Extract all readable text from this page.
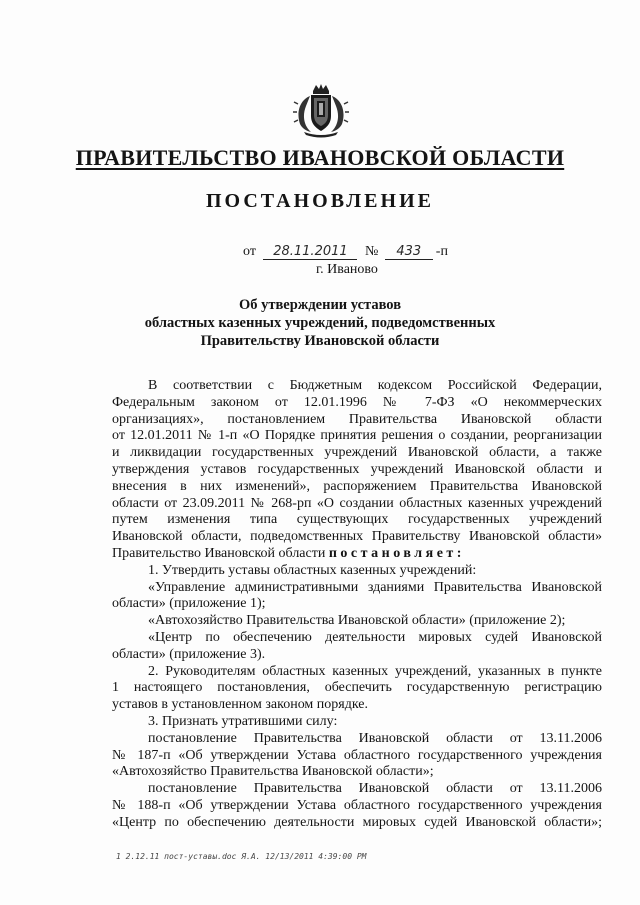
ПРАВИТЕЛЬСТВО ИВАНОВСКОЙ ОБЛАСТИ
ПОСТАНОВЛЕНИЕ
от 28.11.2011 № 433 -п
г. Иваново
Об утверждении уставов
областных казенных учреждений, подведомственных
Правительству Ивановской области
В соответствии с Бюджетным кодексом Российской Федерации,
Федеральным законом от 12.01.1996 № 7-ФЗ «О некоммерческих
организациях», постановлением Правительства Ивановской области
от 12.01.2011 № 1-п «О Порядке принятия решения о создании, реорганизации
и ликвидации государственных учреждений Ивановской области, а также
утверждения уставов государственных учреждений Ивановской области и
внесения в них изменений», распоряжением Правительства Ивановской
области от 23.09.2011 № 268-рп «О создании областных казенных учреждений
путем изменения типа существующих государственных учреждений
Ивановской области, подведомственных Правительству Ивановской области»
Правительство Ивановской области постановляет:
1. Утвердить уставы областных казенных учреждений:
«Управление административными зданиями Правительства Ивановской
области» (приложение 1);
«Автохозяйство Правительства Ивановской области» (приложение 2);
«Центр по обеспечению деятельности мировых судей Ивановской
области» (приложение 3).
2. Руководителям областных казенных учреждений, указанных в пункте
1 настоящего постановления, обеспечить государственную регистрацию
уставов в установленном законом порядке.
3. Признать утратившими силу:
постановление Правительства Ивановской области от 13.11.2006
№ 187-п «Об утверждении Устава областного государственного учреждения
«Автохозяйство Правительства Ивановской области»;
постановление Правительства Ивановской области от 13.11.2006
№ 188-п «Об утверждении Устава областного государственного учреждения
«Центр по обеспечению деятельности мировых судей Ивановской области»;
1 2.12.11 пост-уставы.doc Я.А. 12/13/2011 4:39:00 PM
